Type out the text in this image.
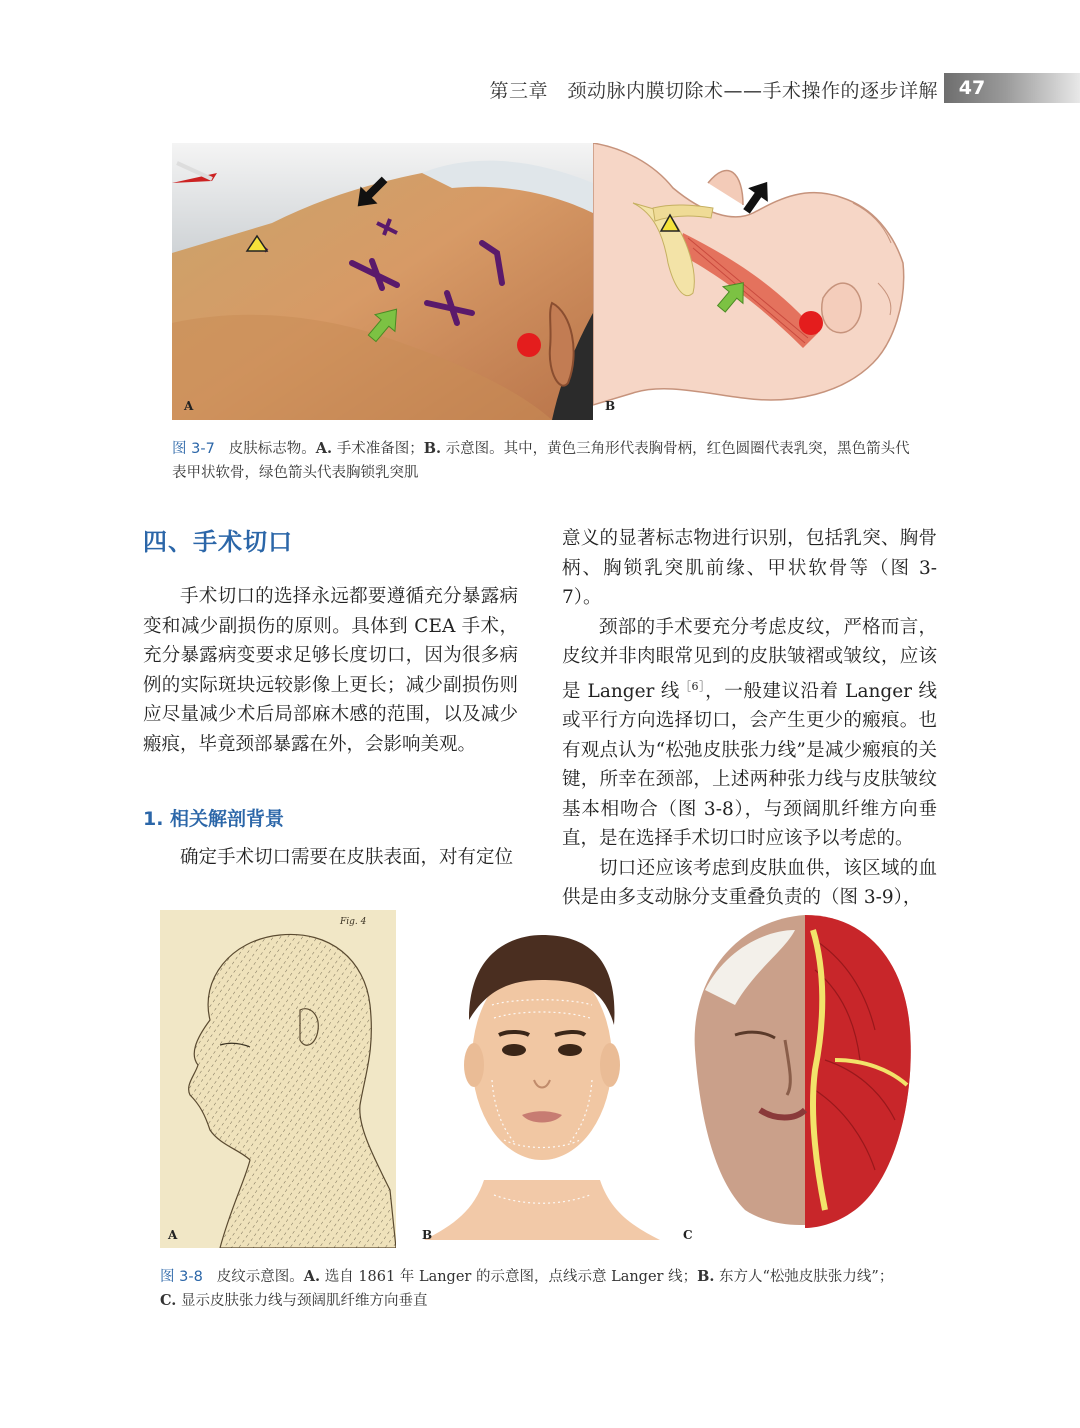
第三章　颈动脉内膜切除术——手术操作的逐步详解	47
A	B
图 3-7 皮肤标志物。A. 手术准备图；B. 示意图。其中，黄色三角形代表胸骨柄，红色圆圈代表乳突，黑色箭头代表甲状软骨，绿色箭头代表胸锁乳突肌
四、手术切口

手术切口的选择永远都要遵循充分暴露病变和减少副损伤的原则。具体到 CEA 手术，充分暴露病变要求足够长度切口，因为很多病例的实际斑块远较影像上更长；减少副损伤则应尽量减少术后局部麻木感的范围，以及减少瘢痕，毕竟颈部暴露在外，会影响美观。

1. 相关解剖背景

确定手术切口需要在皮肤表面，对有定位

意义的显著标志物进行识别，包括乳突、胸骨柄、胸锁乳突肌前缘、甲状软骨等（图 3-7）。

颈部的手术要充分考虑皮纹，严格而言，皮纹并非肉眼常见到的皮肤皱褶或皱纹，应该是 Langer 线$^{[6]}$，一般建议沿着 Langer 线或平行方向选择切口，会产生更少的瘢痕。也有观点认为“松弛皮肤张力线”是减少瘢痕的关键，所幸在颈部，上述两种张力线与皮肤皱纹基本相吻合（图 3-8），与颈阔肌纤维方向垂直，是在选择手术切口时应该予以考虑的。

切口还应该考虑到皮肤血供，该区域的血供是由多支动脉分支重叠负责的（图 3-9），

Fig. 4
A	B	C
图 3-8 皮纹示意图。A. 选自 1861 年 Langer 的示意图，点线示意 Langer 线；B. 东方人“松弛皮肤张力线”；
C. 显示皮肤张力线与颈阔肌纤维方向垂直
